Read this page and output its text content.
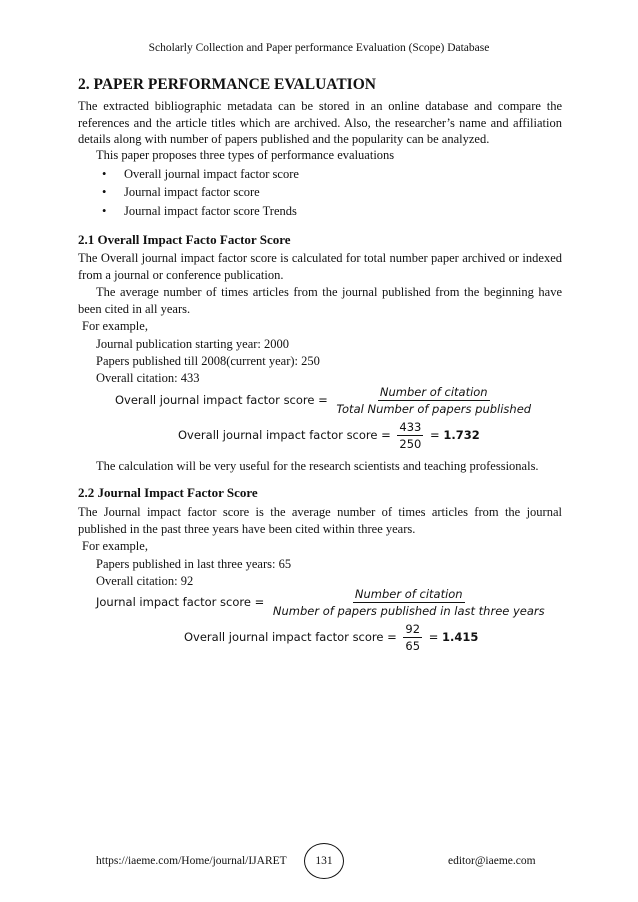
Scholarly Collection and Paper performance Evaluation (Scope) Database
2. PAPER PERFORMANCE EVALUATION
The extracted bibliographic metadata can be stored in an online database and compare the references and the article titles which are archived. Also, the researcher’s name and affiliation details along with number of papers published and the popularity can be analyzed.
This paper proposes three types of performance evaluations
• Overall journal impact factor score
• Journal impact factor score
• Journal impact factor score Trends
2.1 Overall Impact Facto Factor Score
The Overall journal impact factor score is calculated for total number paper archived or indexed from a journal or conference publication.
The average number of times articles from the journal published from the beginning have been cited in all years.
For example,
Journal publication starting year: 2000
Papers published till 2008(current year): 250
Overall citation: 433
Overall journal impact factor score = $\frac{\text{Number of citation}}{\text{Total Number of papers published}}$
Overall journal impact factor score = $\frac{433}{250} = 1.732$
The calculation will be very useful for the research scientists and teaching professionals.
2.2 Journal Impact Factor Score
The Journal impact factor score is the average number of times articles from the journal published in the past three years have been cited within three years.
For example,
Papers published in last three years: 65
Overall citation: 92
Journal impact factor score = $\frac{\text{Number of citation}}{\text{Number of papers published in last three years}}$
Overall journal impact factor score = $\frac{92}{65} = 1.415$
https://iaeme.com/Home/journal/IJARET 131	editor@iaeme.com
